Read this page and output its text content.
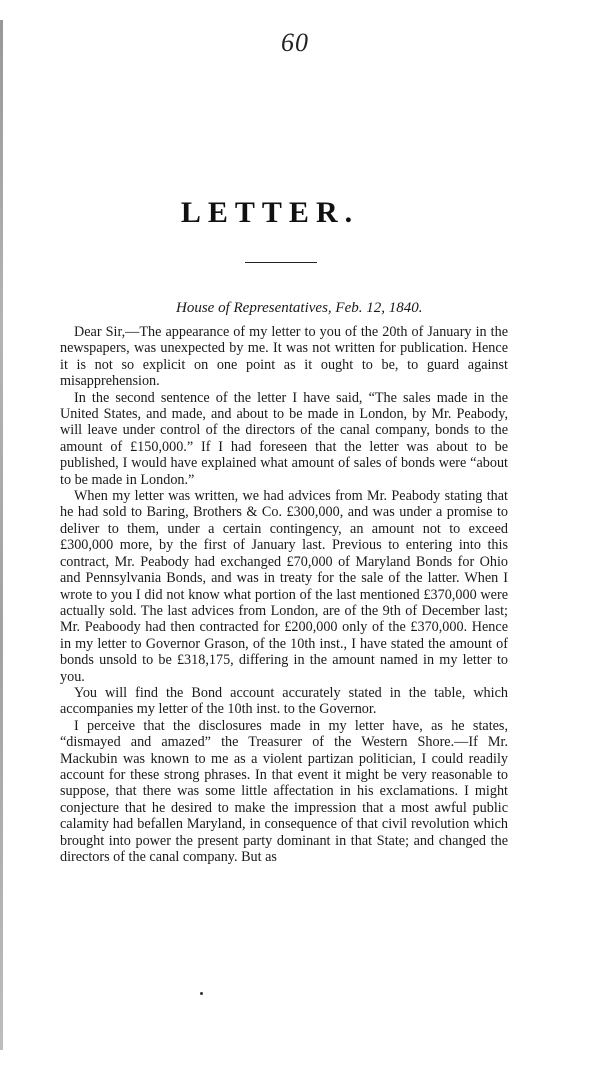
60
LETTER.
House of Representatives, Feb. 12, 1840.

Dear Sir,—The appearance of my letter to you of the 20th of January in the newspapers, was unexpected by me. It was not written for publication. Hence it is not so explicit on one point as it ought to be, to guard against misapprehension.

In the second sentence of the letter I have said, “The sales made in the United States, and made, and about to be made in London, by Mr. Peabody, will leave under control of the directors of the canal company, bonds to the amount of £150,000.” If I had foreseen that the letter was about to be published, I would have explained what amount of sales of bonds were “about to be made in London.”

When my letter was written, we had advices from Mr. Peabody stating that he had sold to Baring, Brothers & Co. £300,000, and was under a promise to deliver to them, under a certain contingency, an amount not to exceed £300,000 more, by the first of January last. Previous to entering into this contract, Mr. Peabody had exchanged £70,000 of Maryland Bonds for Ohio and Pennsylvania Bonds, and was in treaty for the sale of the latter. When I wrote to you I did not know what portion of the last mentioned £370,000 were actually sold. The last advices from London, are of the 9th of December last; Mr. Peaboody had then contracted for £200,000 only of the £370,000. Hence in my letter to Governor Grason, of the 10th inst., I have stated the amount of bonds unsold to be £318,175, differing in the amount named in my letter to you.

You will find the Bond account accurately stated in the table, which accompanies my letter of the 10th inst. to the Governor.

I perceive that the disclosures made in my letter have, as he states, “dismayed and amazed” the Treasurer of the Western Shore.—If Mr. Mackubin was known to me as a violent partizan politician, I could readily account for these strong phrases. In that event it might be very reasonable to suppose, that there was some little affectation in his exclamations. I might conjecture that he desired to make the impression that a most awful public calamity had befallen Maryland, in consequence of that civil revolution which brought into power the present party dominant in that State; and changed the directors of the canal company. But as
